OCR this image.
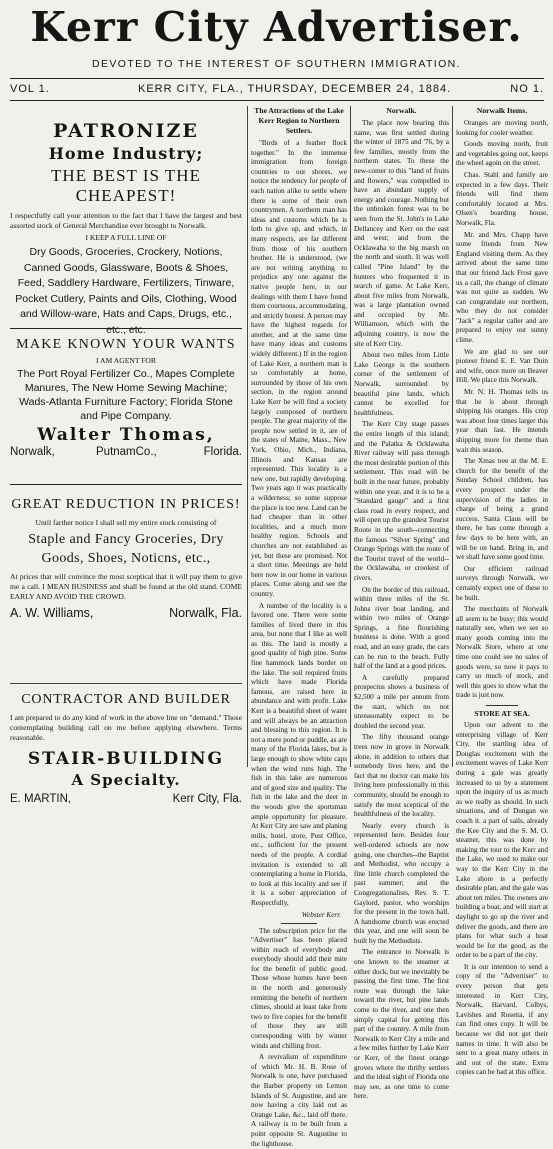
Kerr City Advertiser.
DEVOTED TO THE INTEREST OF SOUTHERN IMMIGRATION.
VOL 1.	KERR CITY, FLA., THURSDAY, DECEMBER 24, 1884.	NO 1.
PATRONIZE
Home Industry;
THE BEST IS THE CHEAPEST!
I respectfully call your attention to the fact that I have the largest and best assorted stock of General Merchandise ever brought to Norwalk.
I KEEP A FULL LINE OF
Dry Goods, Groceries, Crockery, Notions, Canned Goods, Glassware, Boots & Shoes, Feed, Saddlery Hardware, Fertilizers, Tinware, Pocket Cutlery, Paints and Oils, Clothing, Wood and Willow-ware, Hats and Caps, Drugs, etc., etc., etc.
MAKE KNOWN YOUR WANTS
I AM AGENT FOR
The Port Royal Fertilizer Co., Mapes Complete Manures, The New Home Sewing Machine; Wads-Atlanta Furniture Factory; Florida Stone and Pipe Company.
Walter Thomas,
Norwalk,	PutnamCo.,	Florida.
GREAT REDUCTION IN PRICES!
Until farther notice I shall sell my entire stock consisting of
Staple and Fancy Groceries, Dry Goods, Shoes, Noticns, etc.,
At prices that will convince the most sceptical that it will pay them to give me a call. I MEAN BUSINESS and shall be found at the old stand. COME EARLY AND AVOID THE CROWD.
A. W. Williams,	Norwalk, Fla.
CONTRACTOR AND BUILDER
I am prepared to do any kind of work in the above line on "demand." Those contemplating building call on me before applying elsewhere. Terms reasonable.
STAIR-BUILDING
A Specialty.
E. MARTIN,	Kerr City, Fla.
The Attractions of the Lake Kerr Region to Northern Settlers.

"Birds of a feather flock together." In the immense immigration from foreign countries to our shores, we notice the tendency for people of each nation alike to settle where there is some of their own countrymen. A northern man has ideas and customs which he is loth to give up, and which, in many respects, are far different from those of his southern brother. He is understood, (we are not writing anything to prejudice any one against the native people here, in our dealings with them I have found them courteous, accommodating, and strictly honest. A person may have the highest regards for another, and at the same time have many ideas and customs widely different.) If in the region of Lake Kerr, a northern man is so comfortably at home, surrounded by those of his own section, in the region around Lake Kerr he will find a society largely composed of northern people. The great majority of the people now settled in it, are of the states of Maine, Mass., New York, Ohio, Mich., Indiana, Illinois and Kansas are represented. This locality is a new one, but rapidly developing. Two years ago it was practically a wilderness; so some suppose the place is too new. Land can be had cheaper than in other localities, and a much more healthy region. Schools and churches are not established as yet, but these are promised. Not a short time. Meetings are held here now in our home in various places. Come along and see the country.

A number of the locality is a favored one. There were some families of lived there in this area, but none that I like as well as this. The land is mostly a good quality of high pine. Some fine hammock lands border on the lake. The soil required fruits which have made Florida famous, are raised here in abundance and with profit. Lake Kerr is a beautiful sheet of water and will always be an attraction and blessing to this region. It is not a mere pond or puddle, as are many of the Florida lakes, but is large enough to show white caps when the wind runs high. The fish in this lake are numerous and of good size and quality. The fish in the lake and the deer in the woods give the sportsman ample opportunity for pleasure. At Kerr City are saw and planing mills, hotel, store, Post Office, etc., sufficient for the present needs of the people. A cordial invitation is extended to all contemplating a home in Florida, to look at this locality and see if it is a sober appreciation of Respectfully,

Webster Kerr.

The subscription price for the "Advertiser" has been placed within reach of everybody and everybody should add their mite for the benefit of public good. Those whose homes have been in the north and generously remitting the benefit of northern climes, should at least take from two to five copies for the benefit of those they are still corresponding with by winter winds and chilling frost.

A revivalism of expenditure of which Mr. H. B. Rose of Norwalk is one, have purchased the Barber property on Lemon Islands of St. Augustine, and are now having a city laid out as Orange Lake, &c., laid off there. A railway is to be built from a point opposite St. Augustine to the lighthouse.

Norwalk.

The place now bearing this name, was first settled during the winter of 1875 and '76, by a few families, mostly from the northern states. To these the new-comer to this "land of fruits and flowers," was compelled to have an abundant supply of energy and courage. Nothing but the unbroken forest was to be seen from the St. John's to Lake Dellancey and Kerr on the east and west; and from the Ocklawaha to the big marsh on the north and south. It was well called "Pine Island" by the hunters who frequented it in search of game. At Lake Kerr, about five miles from Norwalk, was a large plantation owned and occupied by Mr. Williamson, which with the adjoining country, is now the site of Kerr City.

About two miles from Little Lake George is the southern corner of the settlement of Norwalk, surrounded by beautiful pine lands, which cannot be excelled for healthfulness.

The Kerr City stage passes the entire length of this island; and the Palatka & Ocklawaha River railway will pass through the most desirable portion of this settlement. This road will be built in the near future, probably within one year, and it is to be a "Standard gauge" and a first class road in every respect, and will open up the grandest Tourist Route in the south--connecting the famous "Silver Spring" and Orange Springs with the route of the Tourist travel of the world--the Ocklawaha, or crookest of rivers.

On the border of this railroad, within three miles of the St. Johns river boat landing, and within two miles of Orange Springs, a fine flourishing business is done. With a good road, and an easy grade, the cars can be run to the beach. Fully half of the land at a good prices.

A carefully prepared prospectus shows a business of $2,500 a mile per annum from the start, which no not unreasonably expect to be doubled the second year.

The fifty thousand orange trees now in grove in Norwalk alone, in addition to others that somebody lives here, and the fact that no doctor can make his living here professionally in this community, should be enough to satisfy the most sceptical of the healthfulness of the locality.

Nearly every church is represented here. Besides four well-ordered schools are now going, one churches--the Baptist and Methodist, who occupy a fine little church completed the past summer; and the Congregationalists, Rev. S. T. Gaylord, pastor, who worships for the present in the town hall. A handsome church was erected this year, and one will soon be built by the Methodists.

The entrance to Norwalk is one known to the steamer at either dock, but we inevitably be passing the first time. The first route was through the lake toward the river, but pine lands come to the river, and one then simply capital for getting this part of the country. A mile from Norwalk to Kerr City a mile and a few miles further by Lake Kerr or Kerr, of the finest orange groves where the thrifty settlers and the ideal sight of Florida one may see, as one time to come here.

Norwalk Items.

Oranges are moving north, looking for cooler weather.

Goods moving north, fruit and vegetables going out, keeps the wheel agoin on the street.

Chas. Stahl and family are expected in a few days. Their friends will find them comfortably located at Mrs. Olsen's boarding house, Norwalk, Fla.

Mr. and Mrs. Chapp have some friends from New England visiting them. As they arrived about the same time that our friend Jack Frost gave us a call, the change of climate was not quite as sudden. We can congratulate our northern, who they do not consider "Jack" a regular caller and are prepared to enjoy our sunny clime.

We are glad to see our pioneer friend E. E. Van Duin and wife, once more on Beaver Hill. We place this Norwalk.

Mr. N. H. Thomas tells us that he is about through shipping his oranges. His crop was about four times larger this year than last. He intends shipping more for theme than wait this season.

The Xmas tree at the M. E. church for the benefit of the Sunday School children, has every prospect under the supervision of the ladies in charge of being a grand success. Santa Claus will be there, he has come through a few days to be here with, an will be on hand. Bring in, and we shall have some good time.

Our efficient railroad surveys through Norwalk, we certainly expect one of these to be built.

The merchants of Norwalk all seem to be busy; this would naturally see, when we see so many goods coming into the Norwalk Store, where at one time one could see no sales of goods were, so now it pays to carry so much of stock, and well this goes to show what the trade is just now.

STORE AT SEA.

Upon our advent to the enterprising village of Kerr City, the startling idea of Douglas excitement with the excitement waves of Lake Kerr during a gale was greatly increased to us by a statement upon the inquiry of us as much as we really as should. In such situations, and of Dungan we coach it. a part of sails, already the Kee City and the S. M. O. steamer, this was done by making the tour to the Kerr and the Lake, we used to make our way to the Kerr City in the Lake shore is a perfectly desirable plan, and the gale was about ten miles. The owners are building a boat, and will start at daylight to go up the river and deliver the goods, and there are plans for what such a boat would be for the good, as the order to be a part of the city.

It is our intention to send a copy of the "Advertiser" to every person that gets interested in Kerr City, Norwalk, Harvard, Colbys, Lavishes and Rosetta, if any can find ones copy. It will be because we did not get their names in time. It will also be sent to a great many others in and out of the state. Extra copies can be had at this office.
